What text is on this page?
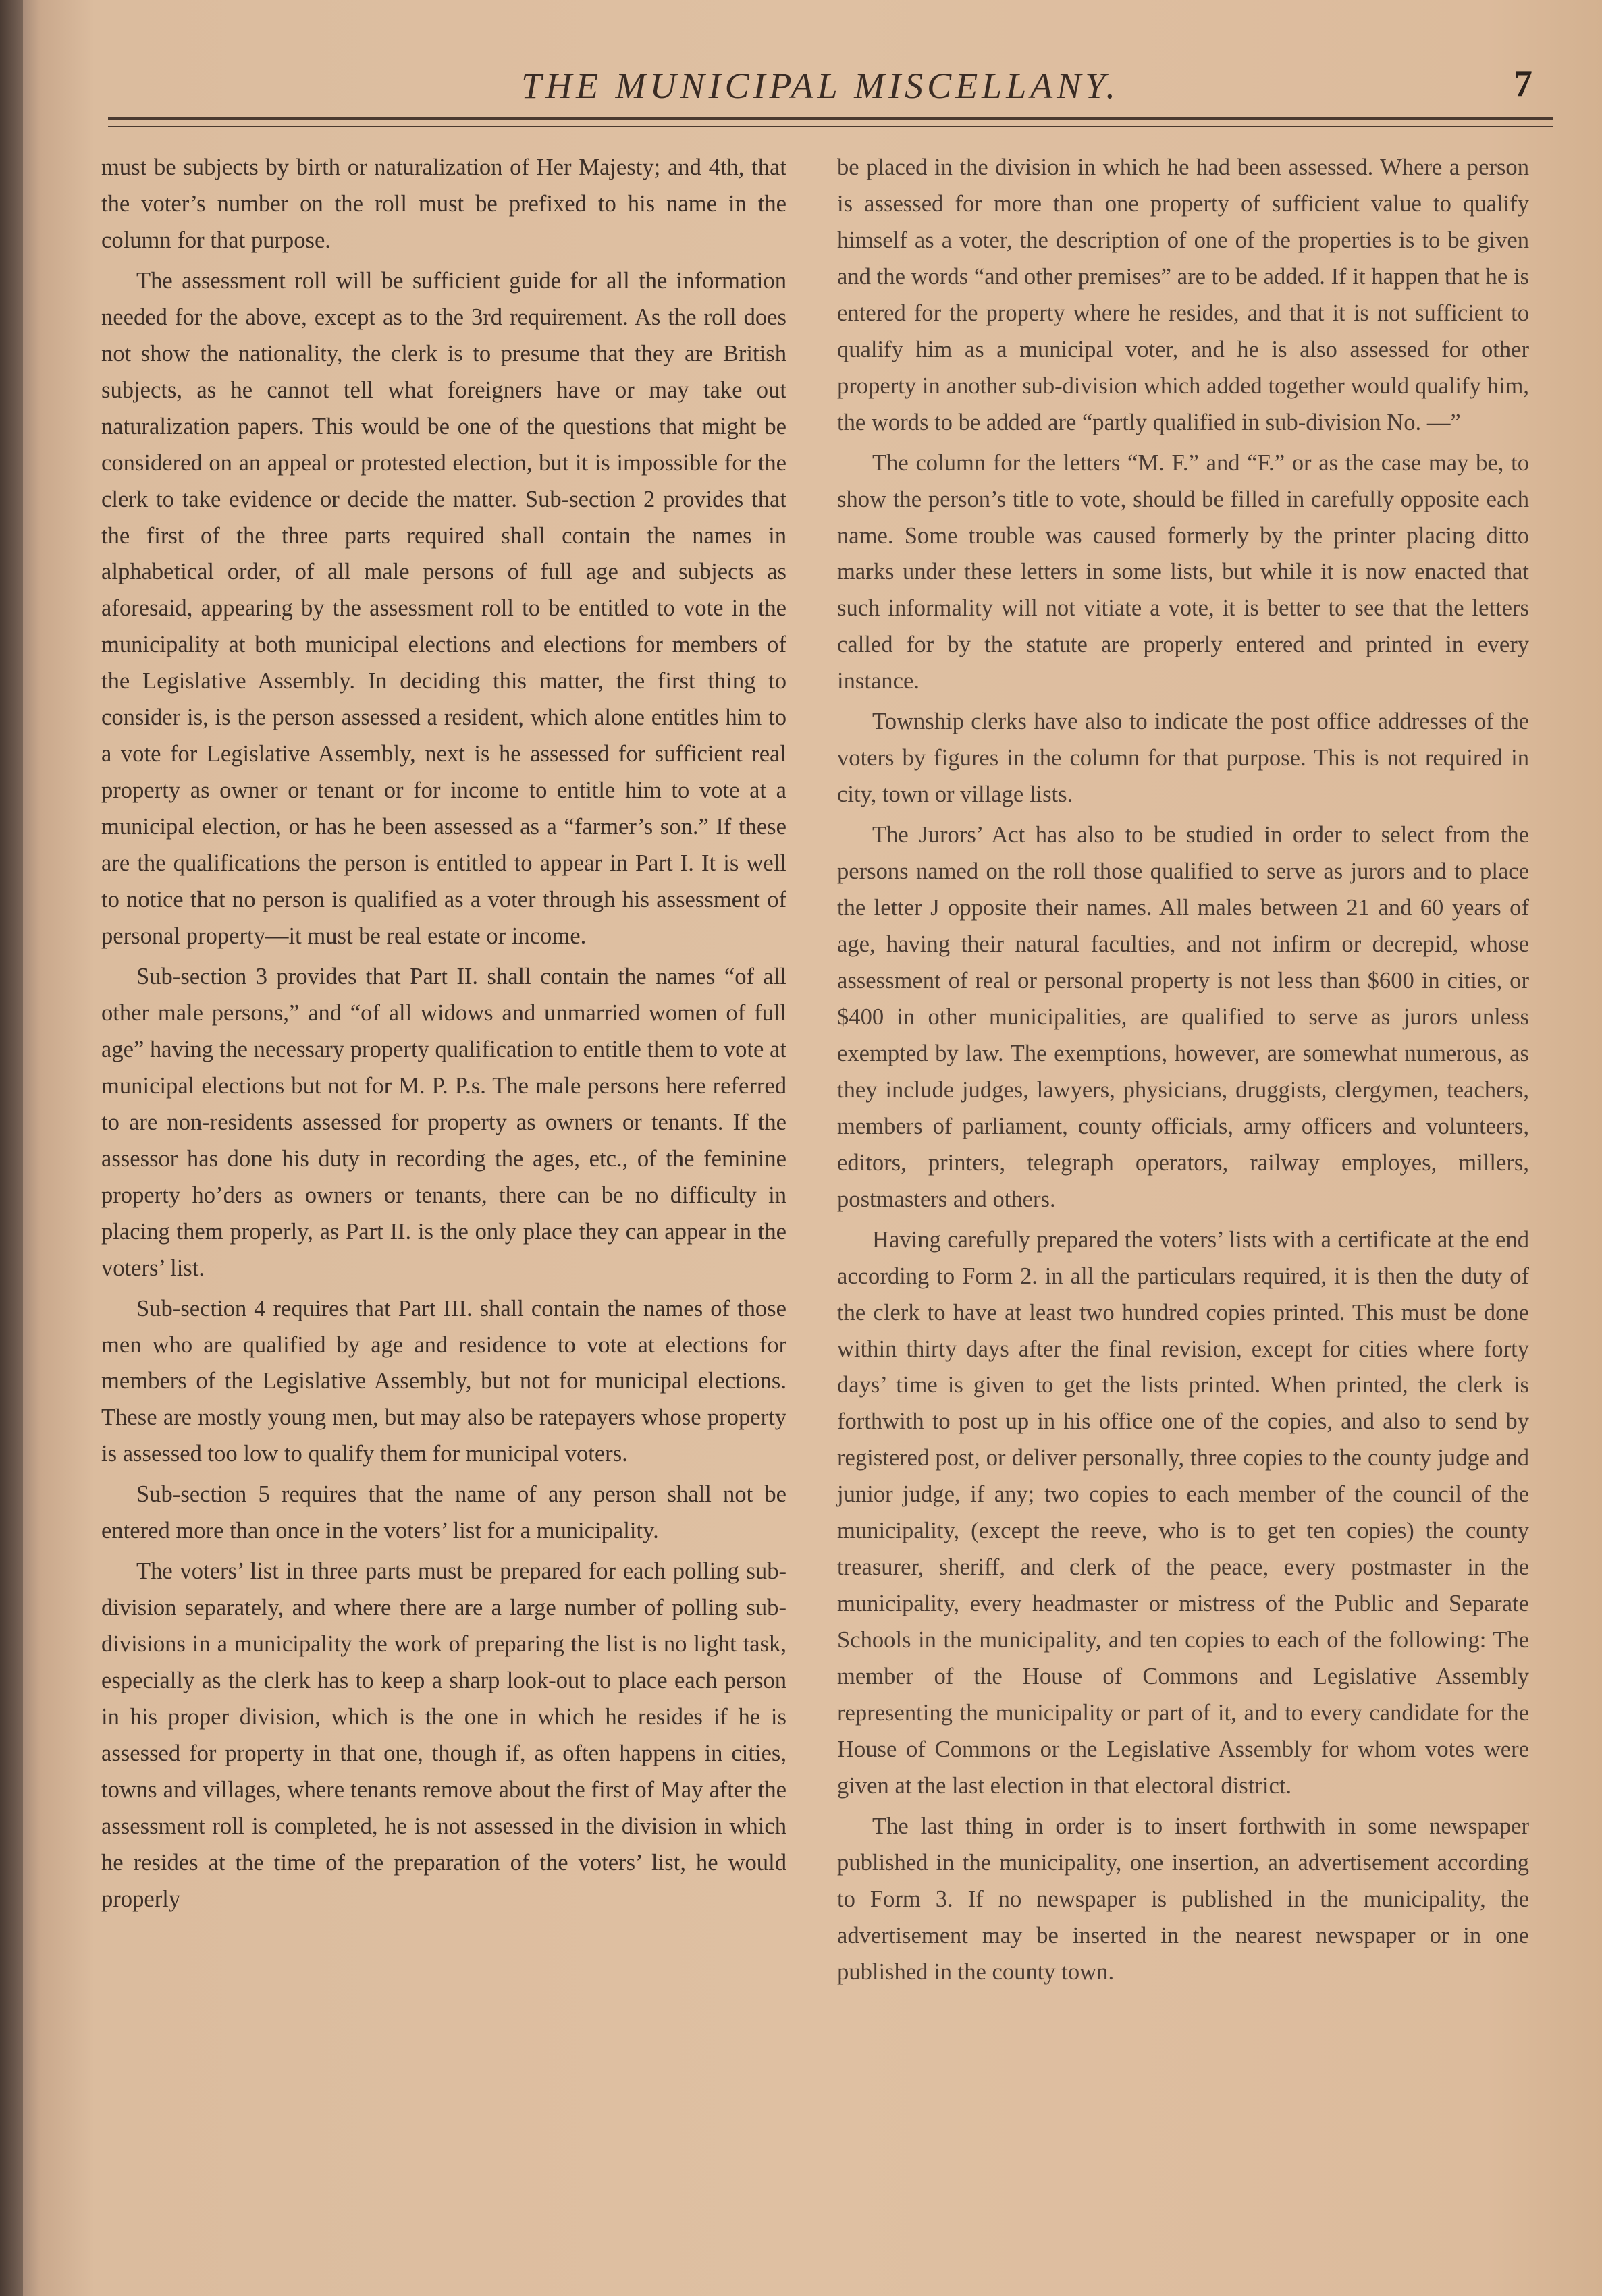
THE MUNICIPAL MISCELLANY.	7

must be subjects by birth or naturalization of Her Majesty; and 4th, that the voter’s number on the roll must be prefixed to his name in the column for that purpose.

The assessment roll will be sufficient guide for all the information needed for the above, except as to the 3rd requirement. As the roll does not show the nationality, the clerk is to presume that they are British subjects, as he cannot tell what foreigners have or may take out naturalization papers. This would be one of the questions that might be considered on an appeal or protested election, but it is impossible for the clerk to take evidence or decide the matter. Sub-section 2 provides that the first of the three parts required shall contain the names in alphabetical order, of all male persons of full age and subjects as aforesaid, appearing by the assessment roll to be entitled to vote in the municipality at both municipal elections and elections for members of the Legislative Assembly. In deciding this matter, the first thing to consider is, is the person assessed a resident, which alone entitles him to a vote for Legislative Assembly, next is he assessed for sufficient real property as owner or tenant or for income to entitle him to vote at a municipal election, or has he been assessed as a “farmer’s son.” If these are the qualifications the person is entitled to appear in Part I. It is well to notice that no person is qualified as a voter through his assessment of personal property—it must be real estate or income.

Sub-section 3 provides that Part II. shall contain the names “of all other male persons,” and “of all widows and unmarried women of full age” having the necessary property qualification to entitle them to vote at municipal elections but not for M. P. P.s. The male persons here referred to are non-residents assessed for property as owners or tenants. If the assessor has done his duty in recording the ages, etc., of the feminine property ho’ders as owners or tenants, there can be no difficulty in placing them properly, as Part II. is the only place they can appear in the voters’ list.

Sub-section 4 requires that Part III. shall contain the names of those men who are qualified by age and residence to vote at elections for members of the Legislative Assembly, but not for municipal elections. These are mostly young men, but may also be ratepayers whose property is assessed too low to qualify them for municipal voters.

Sub-section 5 requires that the name of any person shall not be entered more than once in the voters’ list for a municipality.

The voters’ list in three parts must be prepared for each polling sub-division separately, and where there are a large number of polling sub-divisions in a municipality the work of preparing the list is no light task, especially as the clerk has to keep a sharp look-out to place each person in his proper division, which is the one in which he resides if he is assessed for property in that one, though if, as often happens in cities, towns and villages, where tenants remove about the first of May after the assessment roll is completed, he is not assessed in the division in which he resides at the time of the preparation of the voters’ list, he would properly

be placed in the division in which he had been assessed. Where a person is assessed for more than one property of sufficient value to qualify himself as a voter, the description of one of the properties is to be given and the words “and other premises” are to be added. If it happen that he is entered for the property where he resides, and that it is not sufficient to qualify him as a municipal voter, and he is also assessed for other property in another sub-division which added together would qualify him, the words to be added are “partly qualified in sub-division No. —”

The column for the letters “M. F.” and “F.” or as the case may be, to show the person’s title to vote, should be filled in carefully opposite each name. Some trouble was caused formerly by the printer placing ditto marks under these letters in some lists, but while it is now enacted that such informality will not vitiate a vote, it is better to see that the letters called for by the statute are properly entered and printed in every instance.

Township clerks have also to indicate the post office addresses of the voters by figures in the column for that purpose. This is not required in city, town or village lists.

The Jurors’ Act has also to be studied in order to select from the persons named on the roll those qualified to serve as jurors and to place the letter J opposite their names. All males between 21 and 60 years of age, having their natural faculties, and not infirm or decrepid, whose assessment of real or personal property is not less than $600 in cities, or $400 in other municipalities, are qualified to serve as jurors unless exempted by law. The exemptions, however, are somewhat numerous, as they include judges, lawyers, physicians, druggists, clergymen, teachers, members of parliament, county officials, army officers and volunteers, editors, printers, telegraph operators, railway employes, millers, postmasters and others.

Having carefully prepared the voters’ lists with a certificate at the end according to Form 2. in all the particulars required, it is then the duty of the clerk to have at least two hundred copies printed. This must be done within thirty days after the final revision, except for cities where forty days’ time is given to get the lists printed. When printed, the clerk is forthwith to post up in his office one of the copies, and also to send by registered post, or deliver personally, three copies to the county judge and junior judge, if any; two copies to each member of the council of the municipality, (except the reeve, who is to get ten copies) the county treasurer, sheriff, and clerk of the peace, every postmaster in the municipality, every headmaster or mistress of the Public and Separate Schools in the municipality, and ten copies to each of the following: The member of the House of Commons and Legislative Assembly representing the municipality or part of it, and to every candidate for the House of Commons or the Legislative Assembly for whom votes were given at the last election in that electoral district.

The last thing in order is to insert forthwith in some newspaper published in the municipality, one insertion, an advertisement according to Form 3. If no newspaper is published in the municipality, the advertisement may be inserted in the nearest newspaper or in one published in the county town.
